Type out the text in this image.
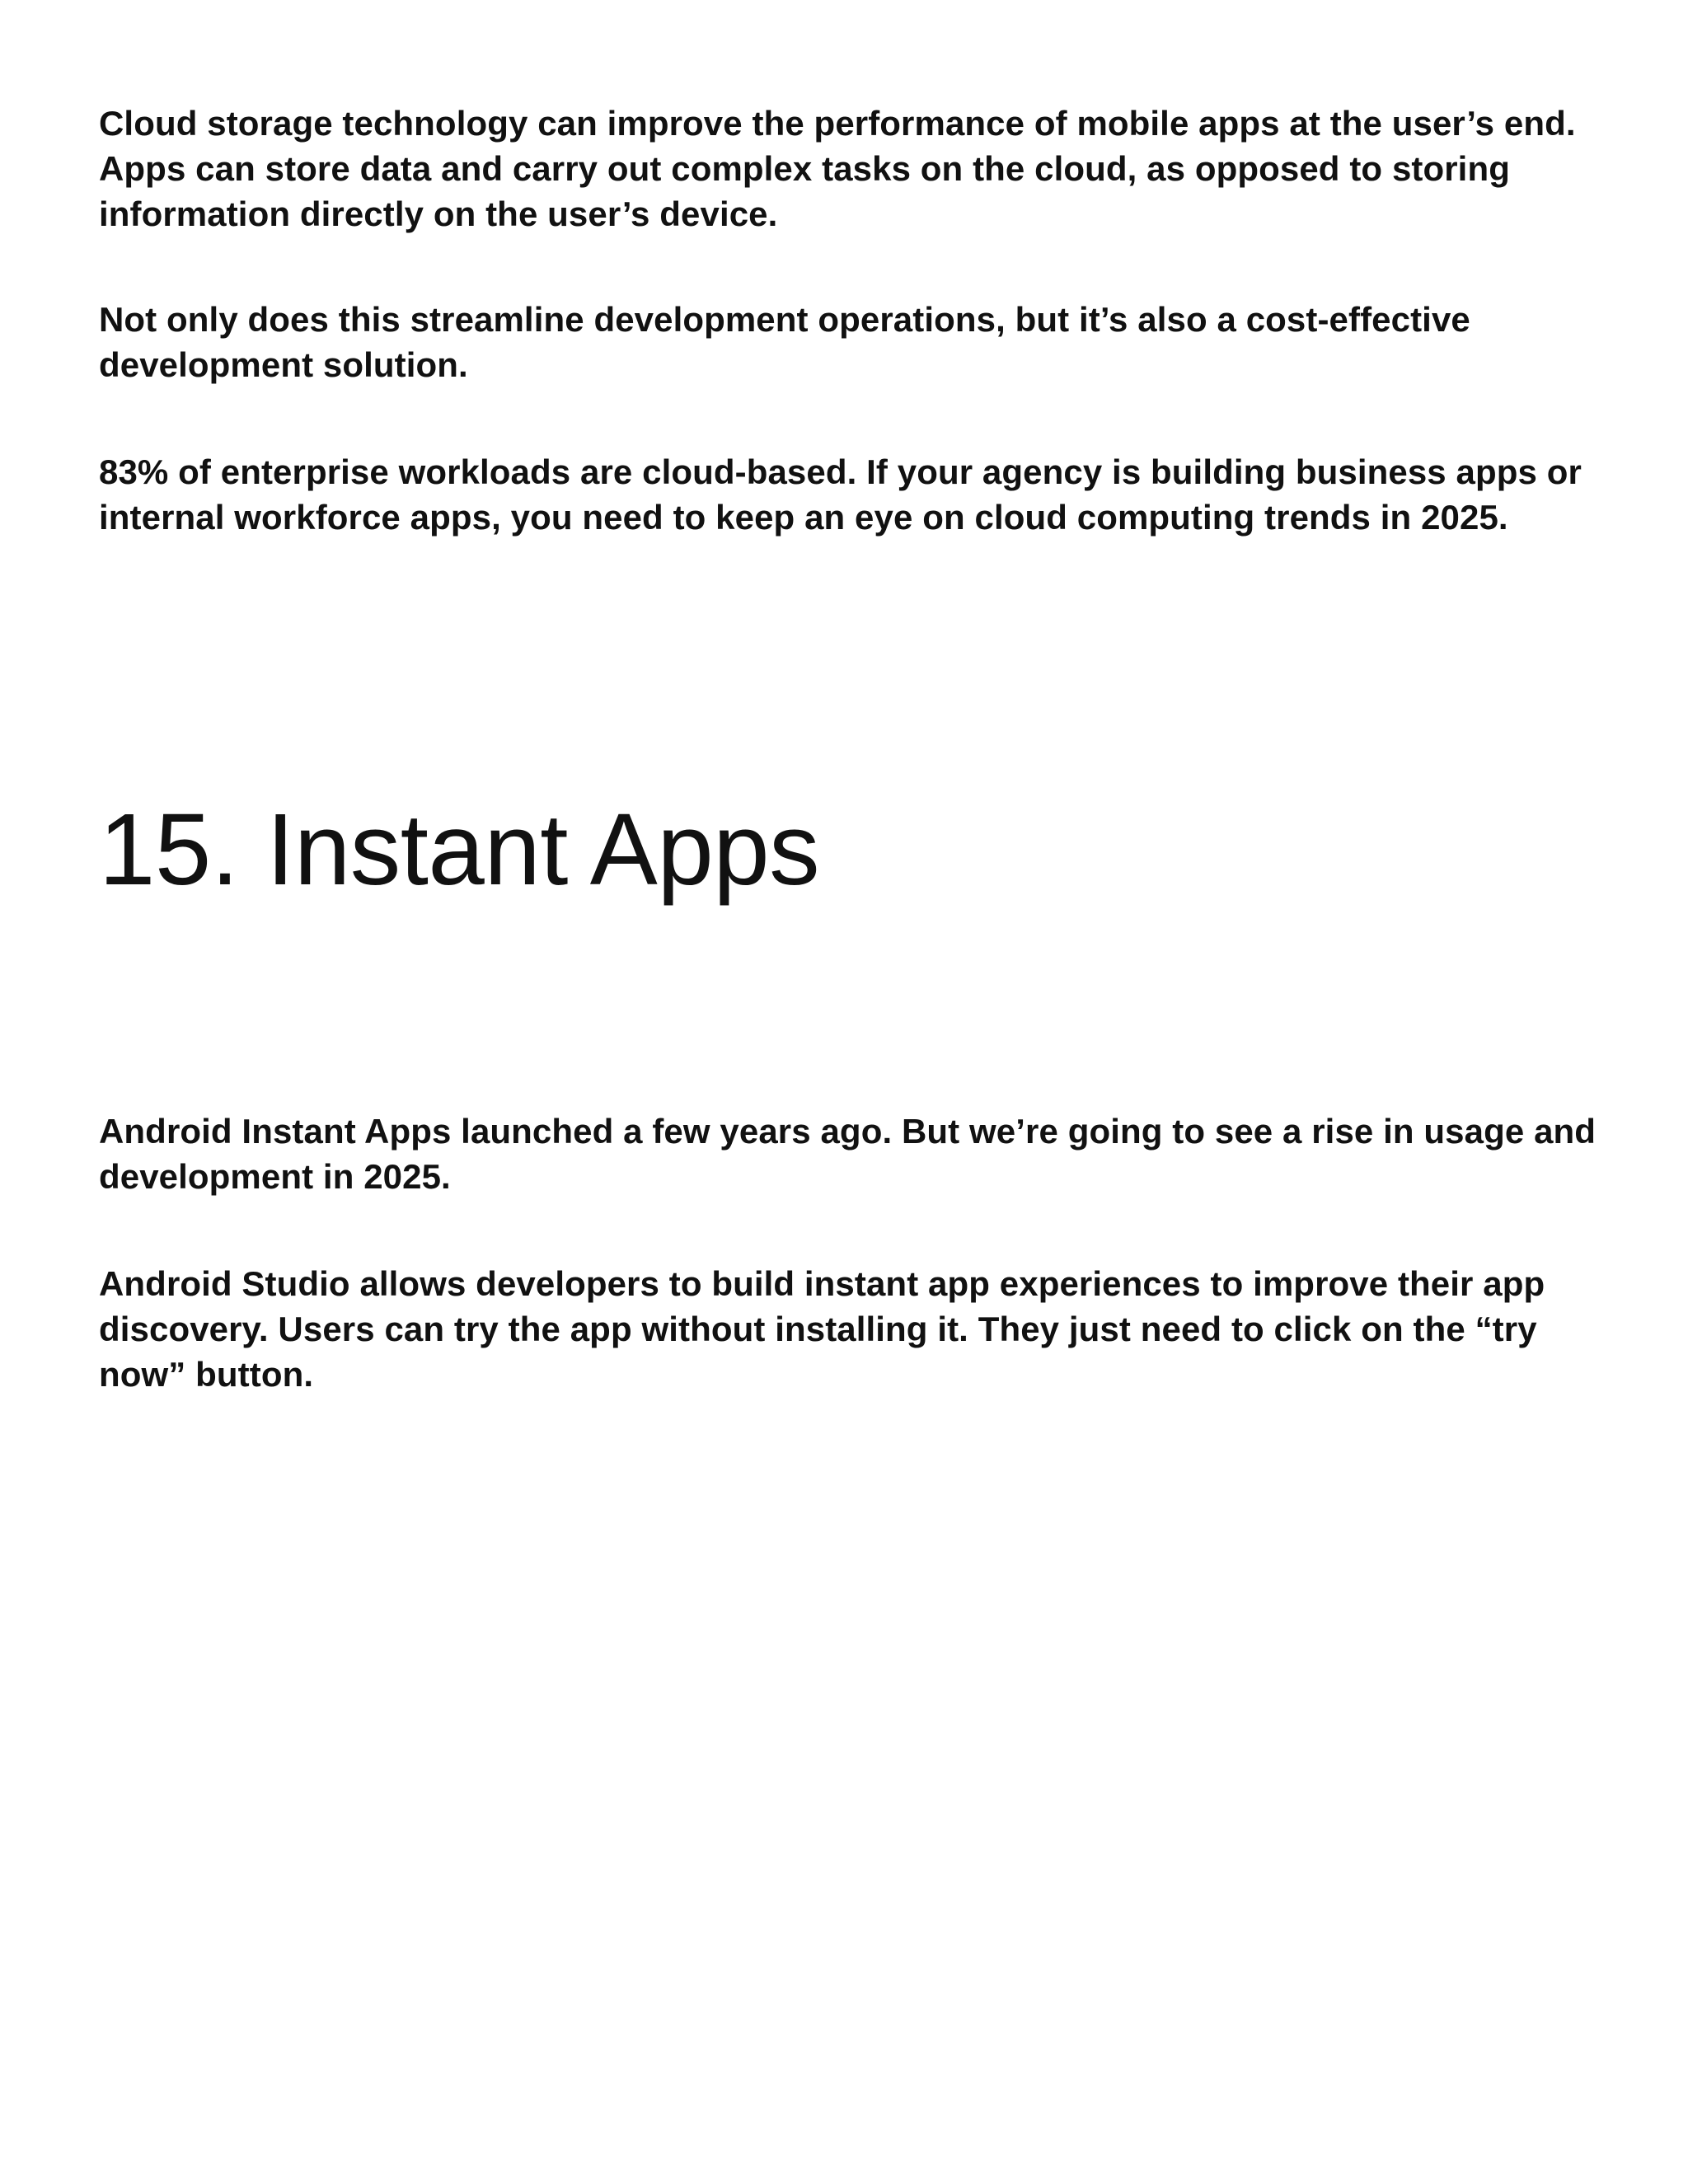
Cloud storage technology can improve the performance of mobile apps at the user’s end. Apps can store data and carry out complex tasks on the cloud, as opposed to storing information directly on the user’s device.

Not only does this streamline development operations, but it’s also a cost-effective development solution.

83% of enterprise workloads are cloud-based. If your agency is building business apps or internal workforce apps, you need to keep an eye on cloud computing trends in 2025.

15. Instant Apps

Android Instant Apps launched a few years ago. But we’re going to see a rise in usage and development in 2025.

Android Studio allows developers to build instant app experiences to improve their app discovery. Users can try the app without installing it. They just need to click on the “try now” button.
